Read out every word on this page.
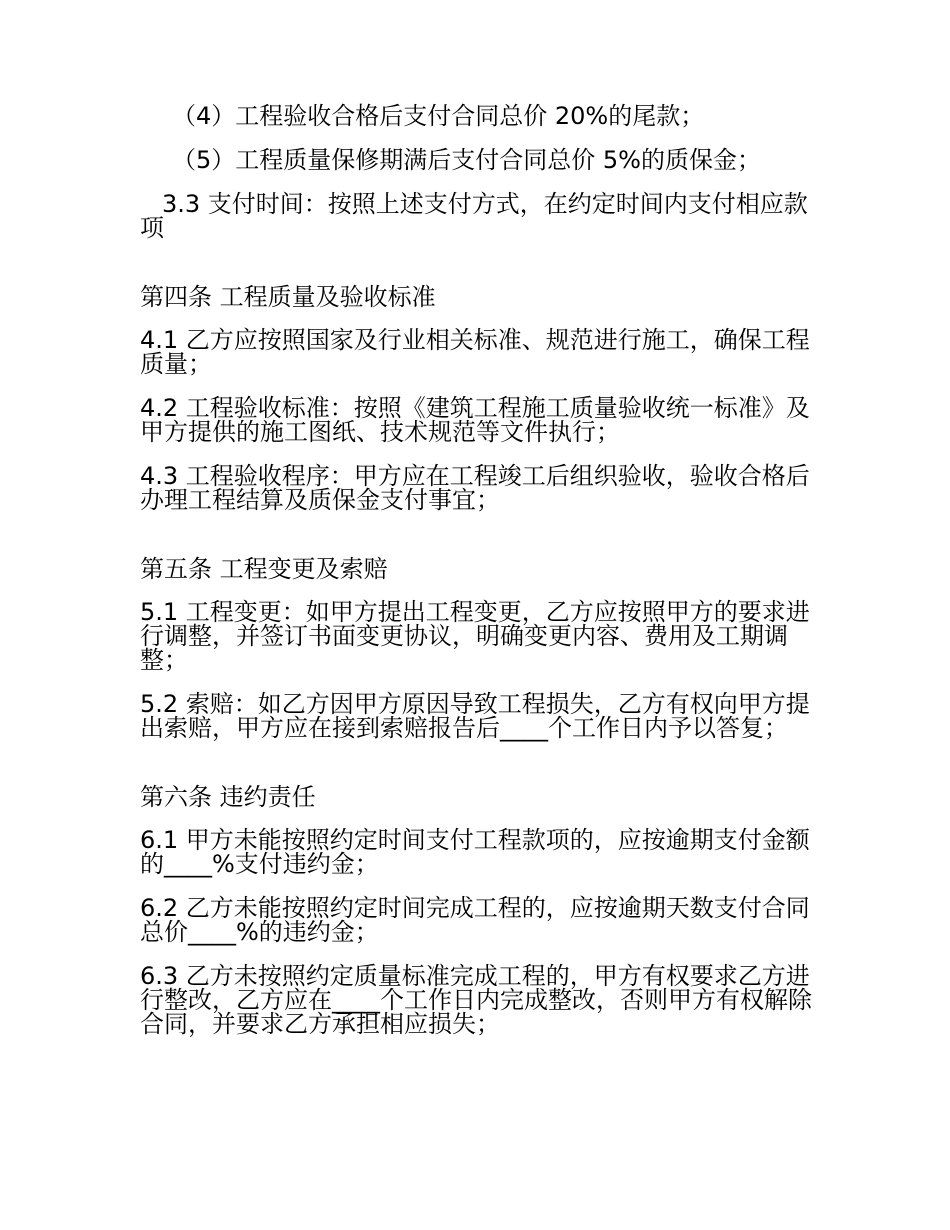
（4）工程验收合格后支付合同总价 20%的尾款；

（5）工程质量保修期满后支付合同总价 5%的质保金；

3.3 支付时间：按照上述支付方式，在约定时间内支付相应款项

第四条 工程质量及验收标准

4.1 乙方应按照国家及行业相关标准、规范进行施工，确保工程质量；

4.2 工程验收标准：按照《建筑工程施工质量验收统一标准》及甲方提供的施工图纸、技术规范等文件执行；

4.3 工程验收程序：甲方应在工程竣工后组织验收，验收合格后办理工程结算及质保金支付事宜；

第五条 工程变更及索赔

5.1 工程变更：如甲方提出工程变更，乙方应按照甲方的要求进行调整，并签订书面变更协议，明确变更内容、费用及工期调整；

5.2 索赔：如乙方因甲方原因导致工程损失，乙方有权向甲方提出索赔，甲方应在接到索赔报告后____个工作日内予以答复；

第六条 违约责任

6.1 甲方未能按照约定时间支付工程款项的，应按逾期支付金额的____%支付违约金；

6.2 乙方未能按照约定时间完成工程的，应按逾期天数支付合同总价____%的违约金；

6.3 乙方未按照约定质量标准完成工程的，甲方有权要求乙方进行整改，乙方应在____个工作日内完成整改，否则甲方有权解除合同，并要求乙方承担相应损失；
